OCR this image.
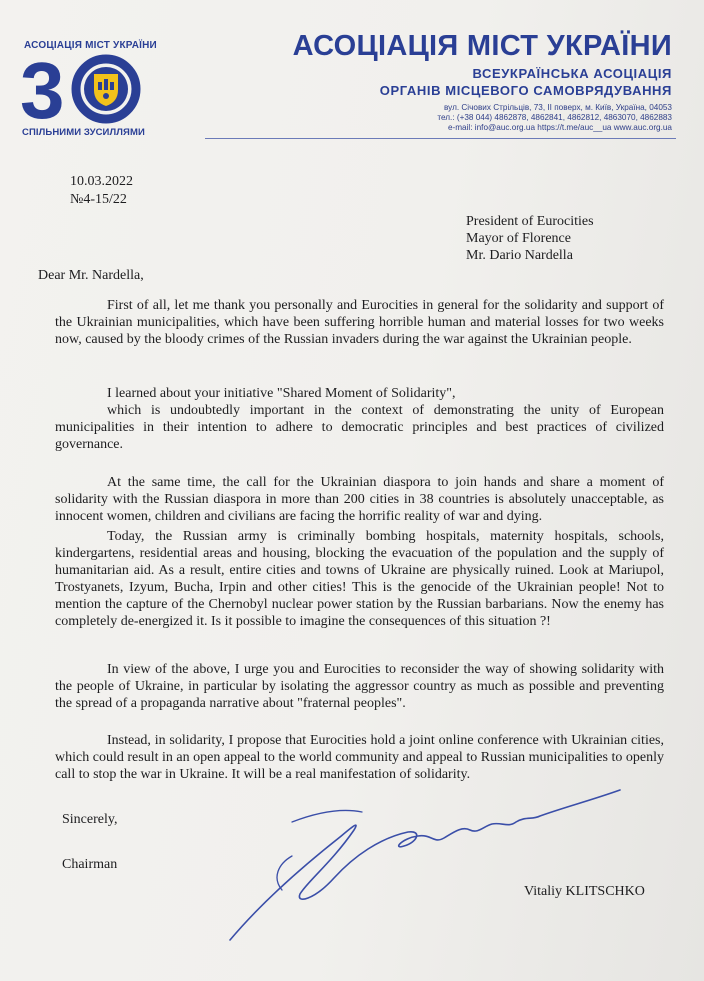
АСОЦІАЦІЯ МІСТ УКРАЇНИ
3
СПІЛЬНИМИ ЗУСИЛЛЯМИ
АСОЦІАЦІЯ МІСТ УКРАЇНИ
ВСЕУКРАЇНСЬКА АСОЦІАЦІЯ
ОРГАНІВ МІСЦЕВОГО САМОВРЯДУВАННЯ
вул. Січових Стрільців, 73, ІІ поверх, м. Київ, Україна, 04053
тел.: (+38 044) 4862878, 4862841, 4862812, 4863070, 4862883
e-mail: info@auc.org.ua https://t.me/auc__ua www.auc.org.ua
10.03.2022
№4-15/22
President of Eurocities
Mayor of Florence
Mr. Dario Nardella
Dear Mr. Nardella,

First of all, let me thank you personally and Eurocities in general for the solidarity and support of the Ukrainian municipalities, which have been suffering horrible human and material losses for two weeks now, caused by the bloody crimes of the Russian invaders during the war against the Ukrainian people.

I learned about your initiative "Shared Moment of Solidarity",

which is undoubtedly important in the context of demonstrating the unity of European municipalities in their intention to adhere to democratic principles and best practices of civilized governance.

At the same time, the call for the Ukrainian diaspora to join hands and share a moment of solidarity with the Russian diaspora in more than 200 cities in 38 countries is absolutely unacceptable, as innocent women, children and civilians are facing the horrific reality of war and dying.

Today, the Russian army is criminally bombing hospitals, maternity hospitals, schools, kindergartens, residential areas and housing, blocking the evacuation of the population and the supply of humanitarian aid. As a result, entire cities and towns of Ukraine are physically ruined. Look at Mariupol, Trostyanets, Izyum, Bucha, Irpin and other cities! This is the genocide of the Ukrainian people! Not to mention the capture of the Chernobyl nuclear power station by the Russian barbarians. Now the enemy has completely de-energized it. Is it possible to imagine the consequences of this situation ?!

In view of the above, I urge you and Eurocities to reconsider the way of showing solidarity with the people of Ukraine, in particular by isolating the aggressor country as much as possible and preventing the spread of a propaganda narrative about "fraternal peoples".

Instead, in solidarity, I propose that Eurocities hold a joint online conference with Ukrainian cities, which could result in an open appeal to the world community and appeal to Russian municipalities to openly call to stop the war in Ukraine. It will be a real manifestation of solidarity.

Sincerely,
Chairman
Vitaliy KLITSCHKO
